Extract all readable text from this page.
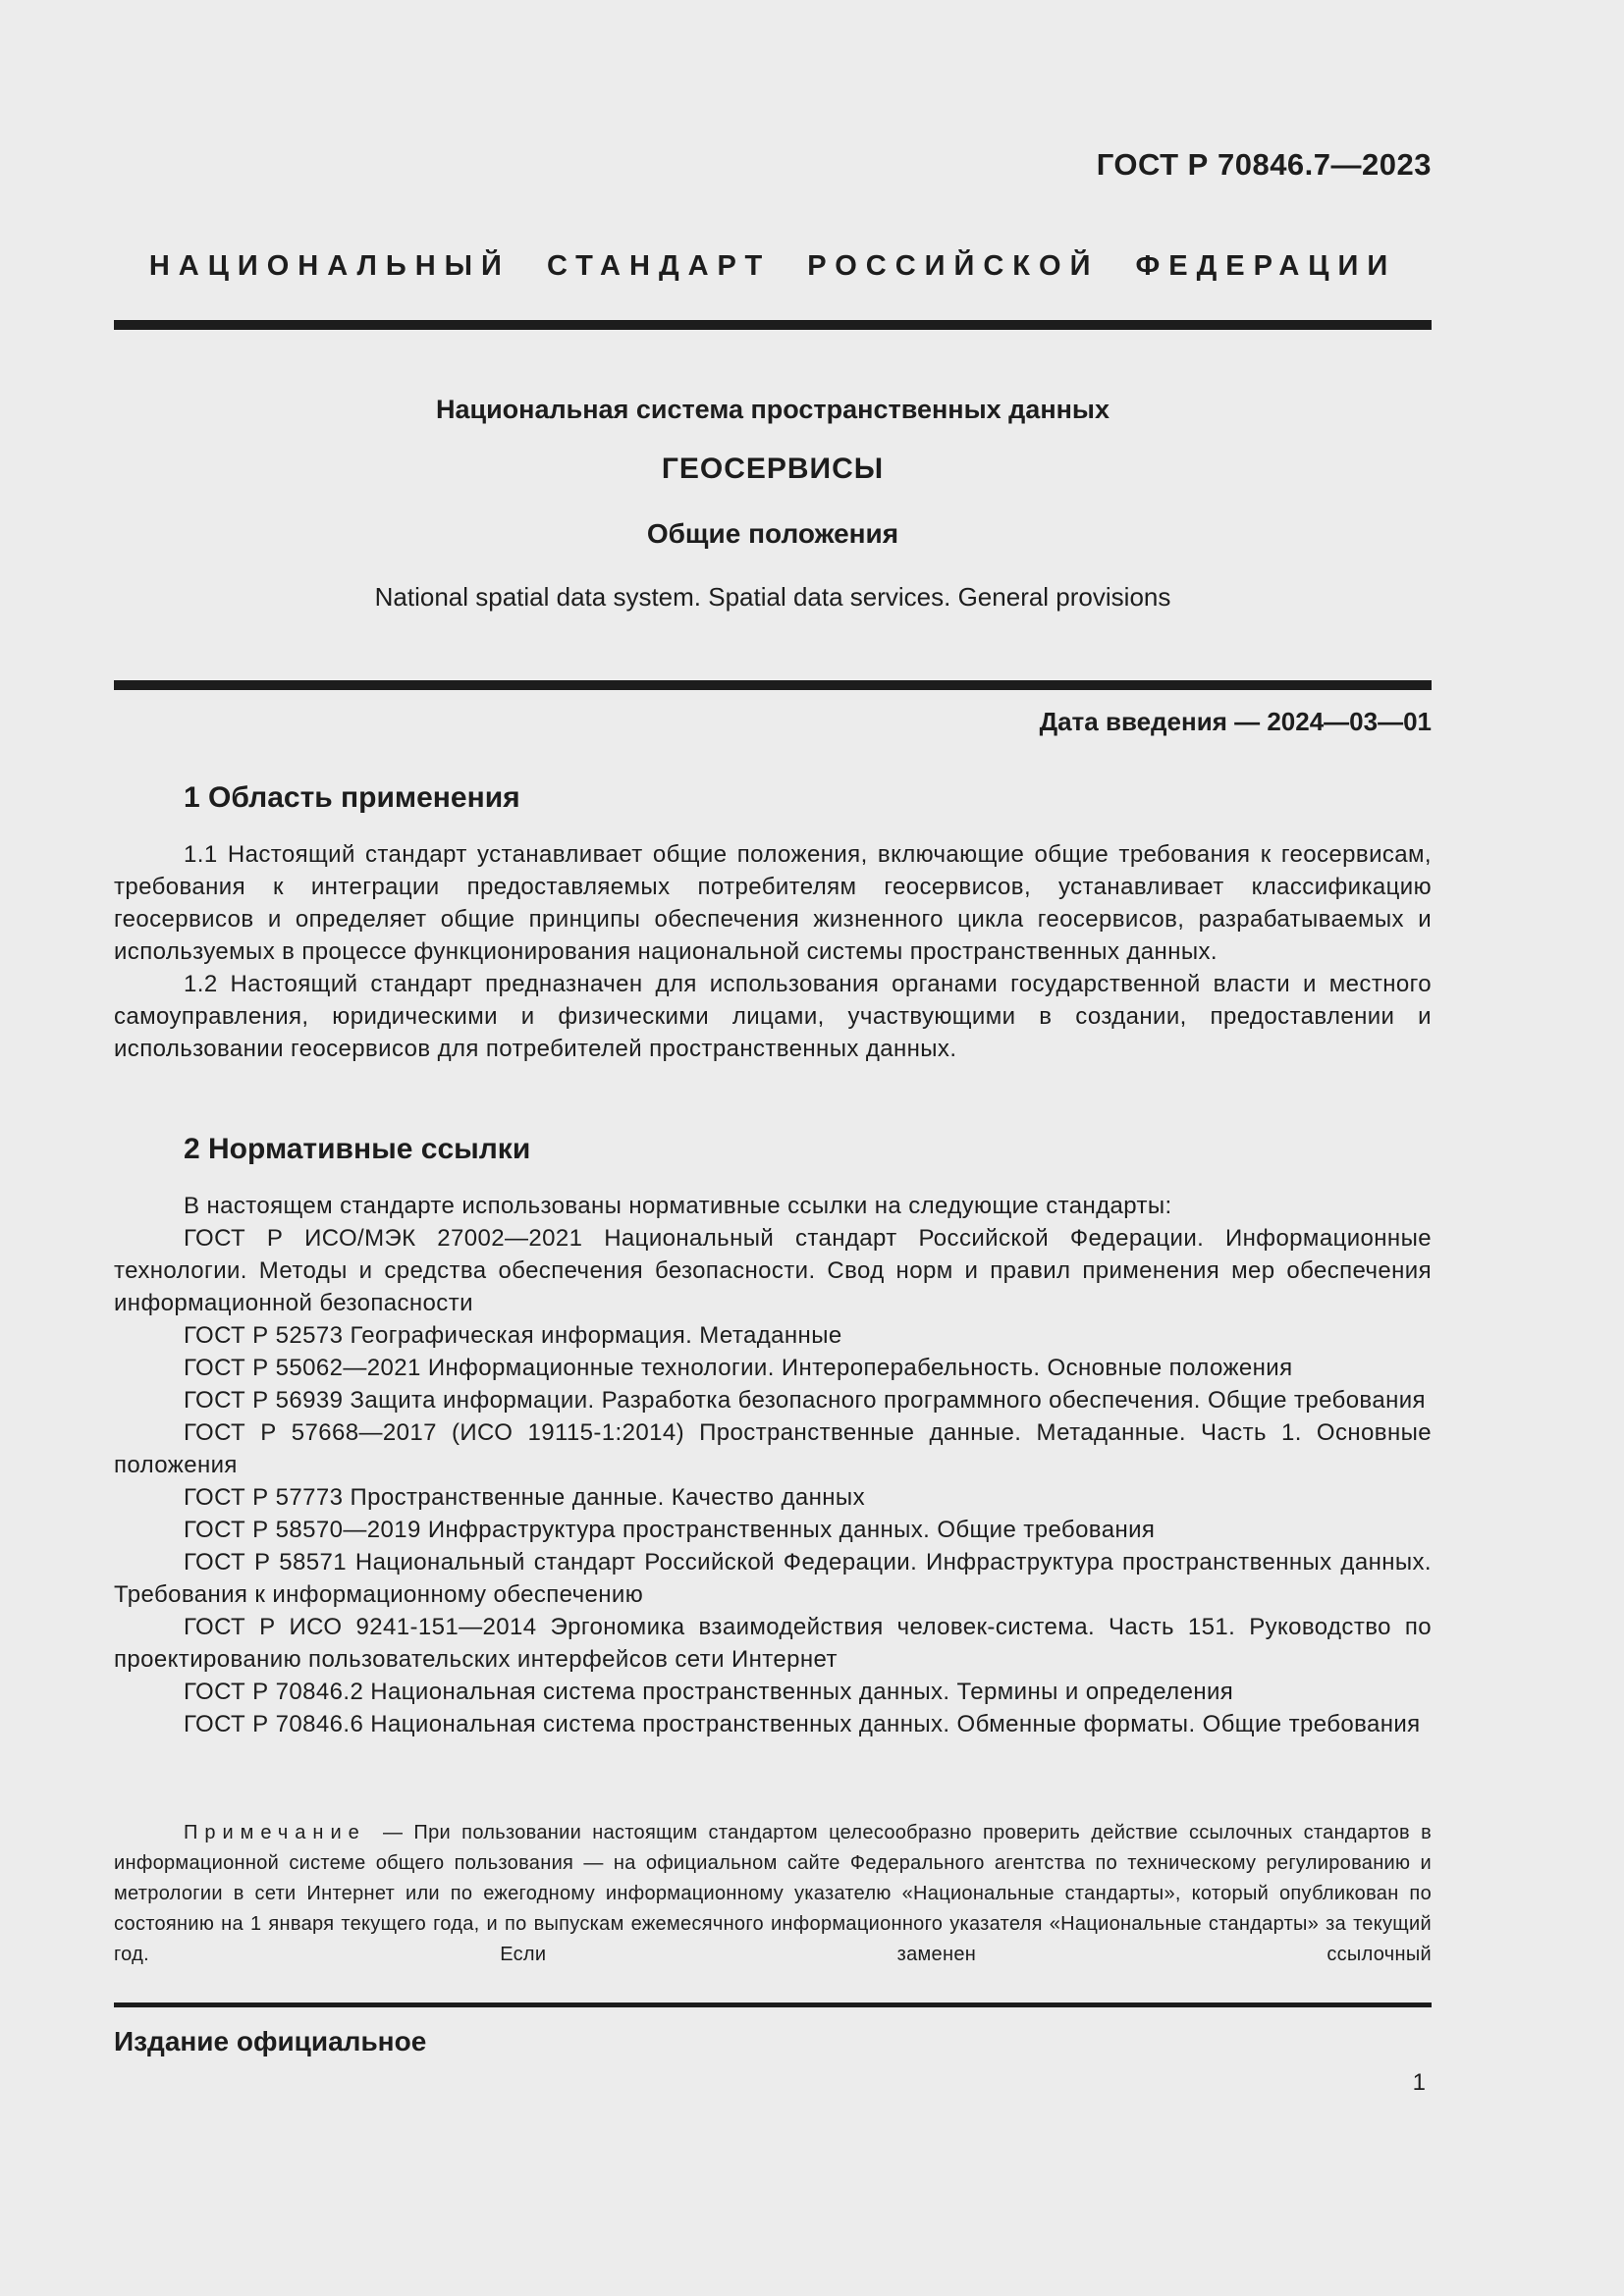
ГОСТ Р 70846.7—2023
НАЦИОНАЛЬНЫЙ СТАНДАРТ РОССИЙСКОЙ ФЕДЕРАЦИИ
Национальная система пространственных данных
ГЕОСЕРВИСЫ
Общие положения
National spatial data system. Spatial data services. General provisions
Дата введения — 2024—03—01
1 Область применения

1.1 Настоящий стандарт устанавливает общие положения, включающие общие требования к геосервисам, требования к интеграции предоставляемых потребителям геосервисов, устанавливает классификацию геосервисов и определяет общие принципы обеспечения жизненного цикла геосервисов, разрабатываемых и используемых в процессе функционирования национальной системы пространственных данных.

1.2 Настоящий стандарт предназначен для использования органами государственной власти и местного самоуправления, юридическими и физическими лицами, участвующими в создании, предоставлении и использовании геосервисов для потребителей пространственных данных.

2 Нормативные ссылки

В настоящем стандарте использованы нормативные ссылки на следующие стандарты:

ГОСТ Р ИСО/МЭК 27002—2021 Национальный стандарт Российской Федерации. Информационные технологии. Методы и средства обеспечения безопасности. Свод норм и правил применения мер обеспечения информационной безопасности

ГОСТ Р 52573 Географическая информация. Метаданные

ГОСТ Р 55062—2021 Информационные технологии. Интероперабельность. Основные положения

ГОСТ Р 56939 Защита информации. Разработка безопасного программного обеспечения. Общие требования

ГОСТ Р 57668—2017 (ИСО 19115-1:2014) Пространственные данные. Метаданные. Часть 1. Основные положения

ГОСТ Р 57773 Пространственные данные. Качество данных

ГОСТ Р 58570—2019 Инфраструктура пространственных данных. Общие требования

ГОСТ Р 58571 Национальный стандарт Российской Федерации. Инфраструктура пространственных данных. Требования к информационному обеспечению

ГОСТ Р ИСО 9241-151—2014 Эргономика взаимодействия человек-система. Часть 151. Руководство по проектированию пользовательских интерфейсов сети Интернет

ГОСТ Р 70846.2 Национальная система пространственных данных. Термины и определения

ГОСТ Р 70846.6 Национальная система пространственных данных. Обменные форматы. Общие требования

Примечание — При пользовании настоящим стандартом целесообразно проверить действие ссылочных стандартов в информационной системе общего пользования — на официальном сайте Федерального агентства по техническому регулированию и метрологии в сети Интернет или по ежегодному информационному указателю «Национальные стандарты», который опубликован по состоянию на 1 января текущего года, и по выпускам ежемесячного информационного указателя «Национальные стандарты» за текущий год. Если заменен ссылочный

Издание официальное
1
